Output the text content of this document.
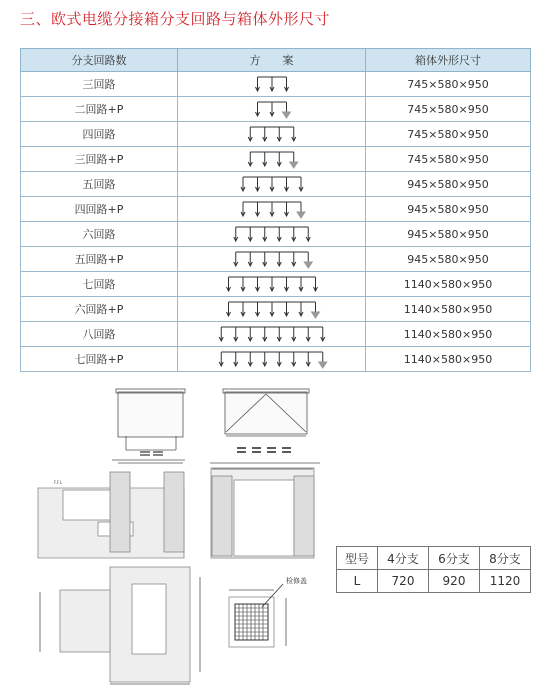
三、欧式电缆分接箱分支回路与箱体外形尺寸
分支回路数	方　　案	箱体外形尺寸
三回路		745×580×950
二回路+P		745×580×950
四回路		745×580×950
三回路+P		745×580×950
五回路		945×580×950
四回路+P		945×580×950
六回路		945×580×950
五回路+P		945×580×950
七回路		1140×580×950
六回路+P		1140×580×950
八回路		1140×580×950
七回路+P		1140×580×950
检修盖
F.F.L
型号	4分支	6分支	8分支
L	720	920	1120
